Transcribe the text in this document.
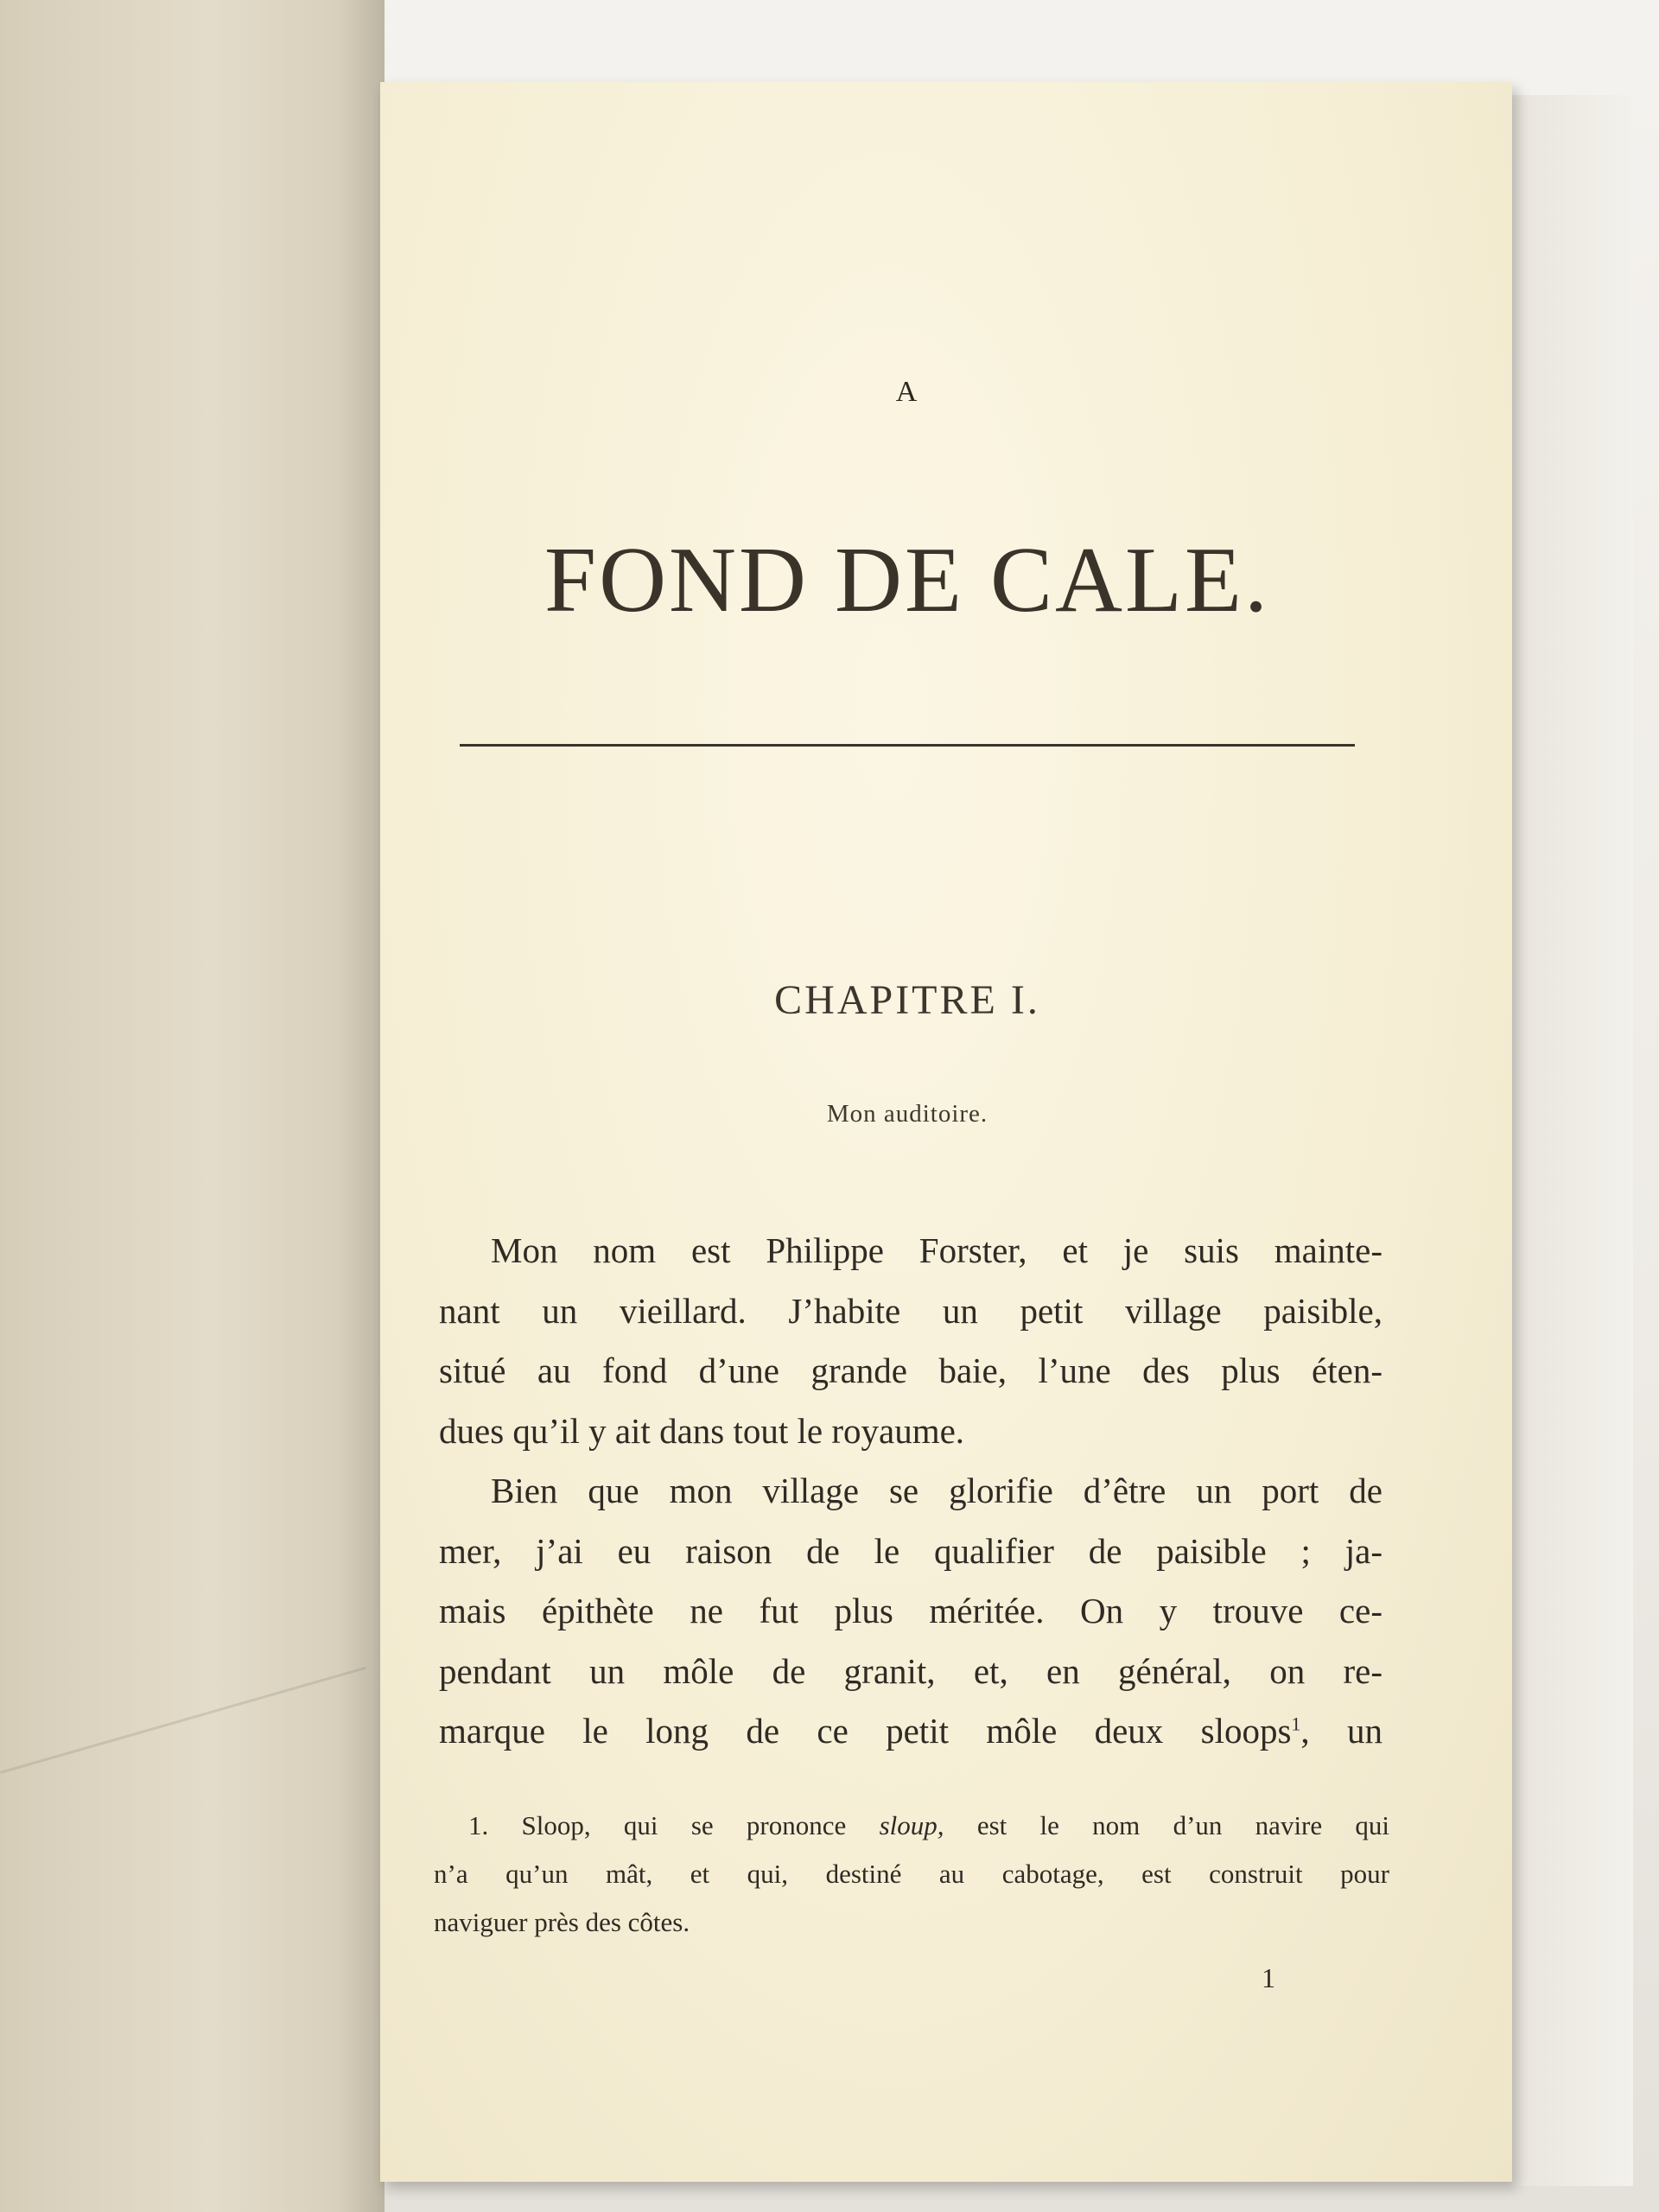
A
FOND DE CALE.
CHAPITRE I.
Mon auditoire.
Mon nom est Philippe Forster, et je suis mainte-
nant un vieillard. J’habite un petit village paisible,
situé au fond d’une grande baie, l’une des plus éten-
dues qu’il y ait dans tout le royaume.
Bien que mon village se glorifie d’être un port de
mer, j’ai eu raison de le qualifier de paisible ; ja-
mais épithète ne fut plus méritée. On y trouve ce-
pendant un môle de granit, et, en général, on re-
marque le long de ce petit môle deux sloops$^1$, un
1. Sloop, qui se prononce sloup, est le nom d’un navire qui
n’a qu’un mât, et qui, destiné au cabotage, est construit pour
naviguer près des côtes.
1
